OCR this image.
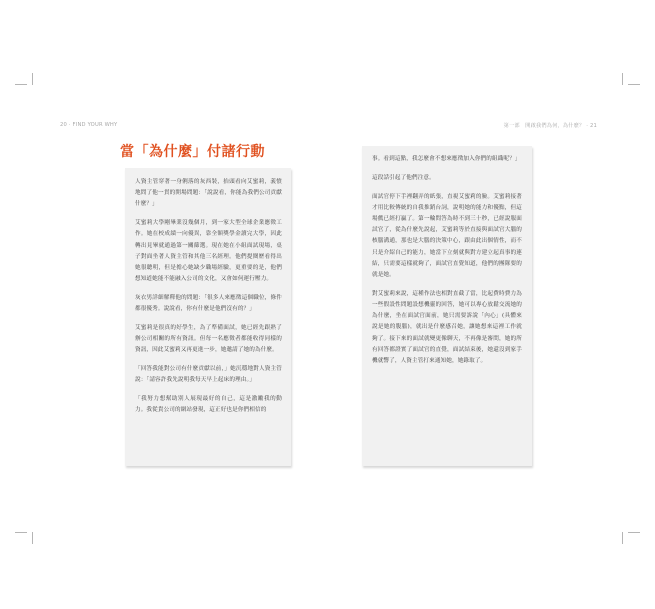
20 · FIND YOUR WHY	第一部　開啟我們為何，為什麼？ · 21
當「為什麼」付諸行動

人資主管穿著一身俐落的灰西裝，抬頭看向艾蜜莉，義憤地問了他一貫的開場問題：「說說看，你能為我們公司貢獻什麼？」

艾蜜莉大學剛畢業沒幾個月，到一家大型全球企業應徵工作。她在校成績一向優異，靠全額獎學金讀完大學，因此轉出見畢就通過第一關篩選。現在她在小組面試現場，桌子對面坐著人資主管和其他三名經理。他們提閱歷看得出她很聰明，但是擔心她缺少職場經驗，更重要的是，他們想知道她能不能融入公司的文化，又會如何運行壓力。

灰衣男詳細解釋他的問題：「很多人來應徵這個職位，條件都很優秀。說說看，你有什麼是他們沒有的？」

艾蜜莉是很真的好學生，為了準備面試，她已經先跟熟了辦公司相關的所有資訊。但每一名應徵者都能收得同樣的資訊，因此艾蜜莉又再更進一步，她邀請了她的為什麼。

「回答我能對公司有什麼貢獻以前，」她沉穩地對人資主管說：「請容許我先說明我每天早上起床的理由。」

「我努力想幫助別人展現最好的自己，這是激勵我的動力。我從貴公司的網站發現，這正好也是你們相信的

事。看到這點，我怎麼會不想來應徵加入你們的組織呢？」

這段話引起了他們注意。

面試官停下手裡翻弄的紙張，直視艾蜜莉的臉。艾蜜莉接著才用比較傳統的自我推銷台詞，說明她的能力和優點，但這場戲已經打贏了。第一輪問答為時不到三十秒，已經說服面試官了，從為什麼先說起，艾蜜莉等於直接與面試官大腦的核腦溝通，那也是大腦的決策中心，跟由此出個情性，而不只是介紹自己的能力，她當下立刻就與對方建立起真事的連結，只需要這樣就夠了，面試官直覺知道，他們的團隊要的就是她。

對艾蜜莉來說，這種作法也相對直截了當，比起費時費力為一些假設性問題設想機靈的回答，她可以專心放鬆交流她的為什麼，坐在面試官面前，她只需要訴說「內心」(具體來說是她的腹腦)，就出是什麼感召她，讓她想來這裡工作就夠了。接下來的面試就變更像聊天，不再像是審問，她的所有回答都證實了面試官的直覺，面試結束後，她還沒到家手機就響了，人資主管打來通知她，她錄取了。
